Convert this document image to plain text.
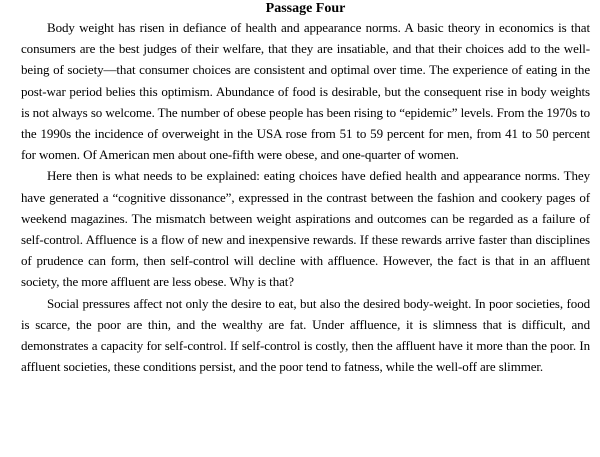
Passage Four

Body weight has risen in defiance of health and appearance norms. A basic theory in economics is that consumers are the best judges of their welfare, that they are insatiable, and that their choices add to the well-being of society—that consumer choices are consistent and optimal over time. The experience of eating in the post-war period belies this optimism. Abundance of food is desirable, but the consequent rise in body weights is not always so welcome. The number of obese people has been rising to “epidemic” levels. From the 1970s to the 1990s the incidence of overweight in the USA rose from 51 to 59 percent for men, from 41 to 50 percent for women. Of American men about one-fifth were obese, and one-quarter of women.

Here then is what needs to be explained: eating choices have defied health and appearance norms. They have generated a “cognitive dissonance”, expressed in the contrast between the fashion and cookery pages of weekend magazines. The mismatch between weight aspirations and outcomes can be regarded as a failure of self-control. Affluence is a flow of new and inexpensive rewards. If these rewards arrive faster than disciplines of prudence can form, then self-control will decline with affluence. However, the fact is that in an affluent society, the more affluent are less obese. Why is that?

Social pressures affect not only the desire to eat, but also the desired body-weight. In poor societies, food is scarce, the poor are thin, and the wealthy are fat. Under affluence, it is slimness that is difficult, and demonstrates a capacity for self-control. If self-control is costly, then the affluent have it more than the poor. In affluent societies, these conditions persist, and the poor tend to fatness, while the well-off are slimmer.
